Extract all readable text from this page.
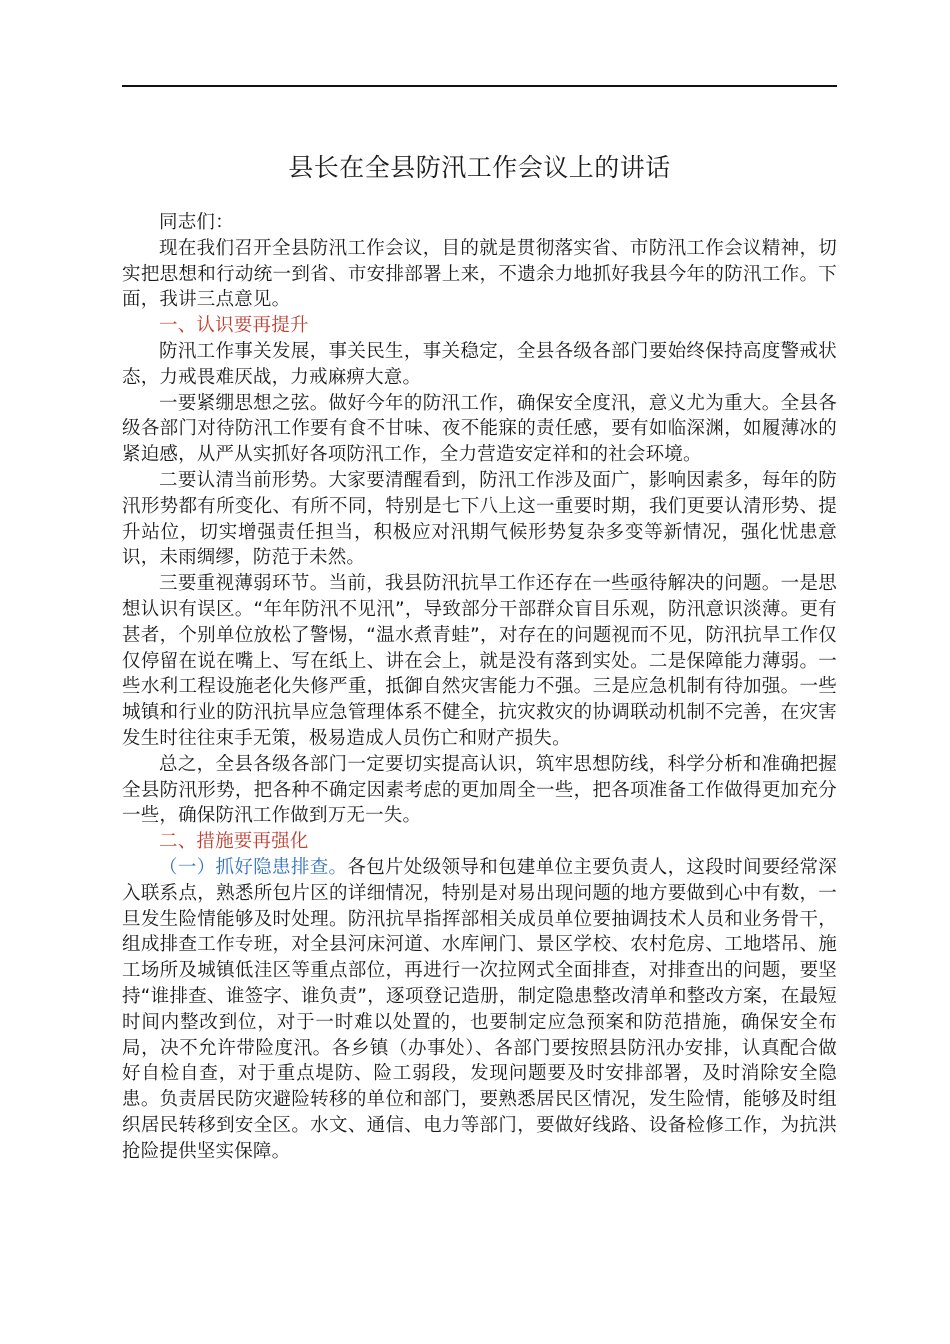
县长在全县防汛工作会议上的讲话

同志们：

现在我们召开全县防汛工作会议，目的就是贯彻落实省、市防汛工作会议精神，切实把思想和行动统一到省、市安排部署上来，不遗余力地抓好我县今年的防汛工作。下面，我讲三点意见。

一、认识要再提升

防汛工作事关发展，事关民生，事关稳定，全县各级各部门要始终保持高度警戒状态，力戒畏难厌战，力戒麻痹大意。

一要紧绷思想之弦。做好今年的防汛工作，确保安全度汛，意义尤为重大。全县各级各部门对待防汛工作要有食不甘味、夜不能寐的责任感，要有如临深渊，如履薄冰的紧迫感，从严从实抓好各项防汛工作，全力营造安定祥和的社会环境。

二要认清当前形势。大家要清醒看到，防汛工作涉及面广，影响因素多，每年的防汛形势都有所变化、有所不同，特别是七下八上这一重要时期，我们更要认清形势、提升站位，切实增强责任担当，积极应对汛期气候形势复杂多变等新情况，强化忧患意识，未雨绸缪，防范于未然。

三要重视薄弱环节。当前，我县防汛抗旱工作还存在一些亟待解决的问题。一是思想认识有误区。“年年防汛不见汛”，导致部分干部群众盲目乐观，防汛意识淡薄。更有甚者，个别单位放松了警惕，“温水煮青蛙”，对存在的问题视而不见，防汛抗旱工作仅仅停留在说在嘴上、写在纸上、讲在会上，就是没有落到实处。二是保障能力薄弱。一些水利工程设施老化失修严重，抵御自然灾害能力不强。三是应急机制有待加强。一些城镇和行业的防汛抗旱应急管理体系不健全，抗灾救灾的协调联动机制不完善，在灾害发生时往往束手无策，极易造成人员伤亡和财产损失。

总之，全县各级各部门一定要切实提高认识，筑牢思想防线，科学分析和准确把握全县防汛形势，把各种不确定因素考虑的更加周全一些，把各项准备工作做得更加充分一些，确保防汛工作做到万无一失。

二、措施要再强化

（一）抓好隐患排查。各包片处级领导和包建单位主要负责人，这段时间要经常深入联系点，熟悉所包片区的详细情况，特别是对易出现问题的地方要做到心中有数，一旦发生险情能够及时处理。防汛抗旱指挥部相关成员单位要抽调技术人员和业务骨干，组成排查工作专班，对全县河床河道、水库闸门、景区学校、农村危房、工地塔吊、施工场所及城镇低洼区等重点部位，再进行一次拉网式全面排查，对排查出的问题，要坚持“谁排查、谁签字、谁负责”，逐项登记造册，制定隐患整改清单和整改方案，在最短时间内整改到位，对于一时难以处置的，也要制定应急预案和防范措施，确保安全布局，决不允许带险度汛。各乡镇（办事处）、各部门要按照县防汛办安排，认真配合做好自检自查，对于重点堤防、险工弱段，发现问题要及时安排部署，及时消除安全隐患。负责居民防灾避险转移的单位和部门，要熟悉居民区情况，发生险情，能够及时组织居民转移到安全区。水文、通信、电力等部门，要做好线路、设备检修工作，为抗洪抢险提供坚实保障。
